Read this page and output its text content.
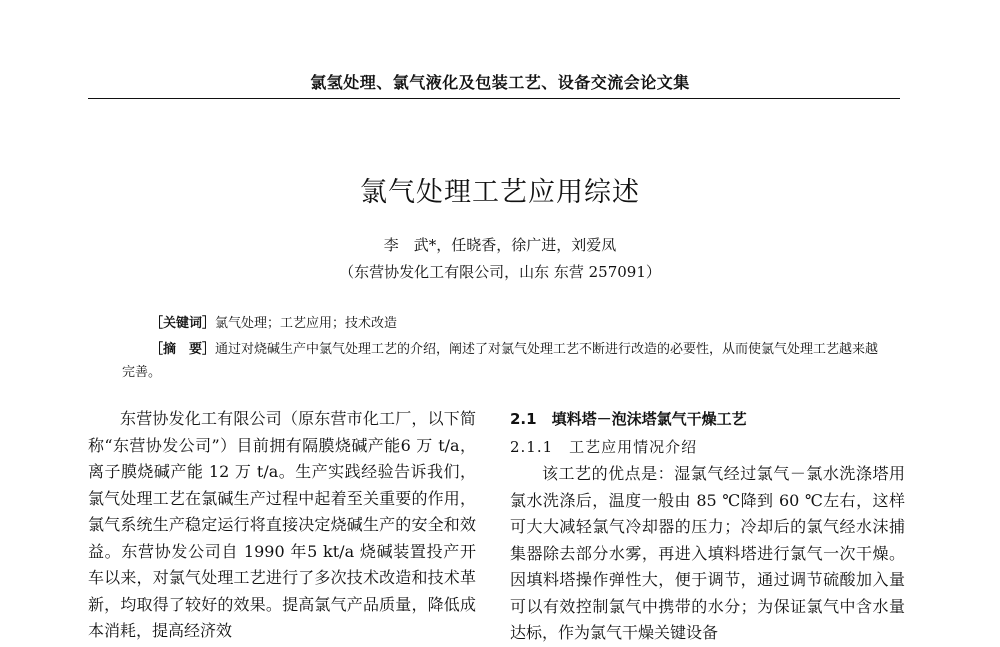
氯氢处理、氯气液化及包装工艺、设备交流会论文集
氯气处理工艺应用综述
李　武*，任晓香，徐广进，刘爱凤
（东营协发化工有限公司，山东 东营 257091）
［关键词］氯气处理；工艺应用；技术改造
［摘　要］通过对烧碱生产中氯气处理工艺的介绍，阐述了对氯气处理工艺不断进行改造的必要性，从而使氯气处理工艺越来越完善。
东营协发化工有限公司（原东营市化工厂，以下简称“东营协发公司”）目前拥有隔膜烧碱产能6 万 t/a，离子膜烧碱产能 12 万 t/a。生产实践经验告诉我们，氯气处理工艺在氯碱生产过程中起着至关重要的作用，氯气系统生产稳定运行将直接决定烧碱生产的安全和效益。东营协发公司自 1990 年5 kt/a 烧碱装置投产开车以来，对氯气处理工艺进行了多次技术改造和技术革新，均取得了较好的效果。提高氯气产品质量，降低成本消耗，提高经济效
2.1　填料塔－泡沫塔氯气干燥工艺
2.1.1　工艺应用情况介绍
该工艺的优点是：湿氯气经过氯气－氯水洗涤塔用氯水洗涤后，温度一般由 85 ℃降到 60 ℃左右，这样可大大减轻氯气冷却器的压力；冷却后的氯气经水沫捕集器除去部分水雾，再进入填料塔进行氯气一次干燥。因填料塔操作弹性大，便于调节，通过调节硫酸加入量可以有效控制氯气中携带的水分；为保证氯气中含水量达标，作为氯气干燥关键设备
